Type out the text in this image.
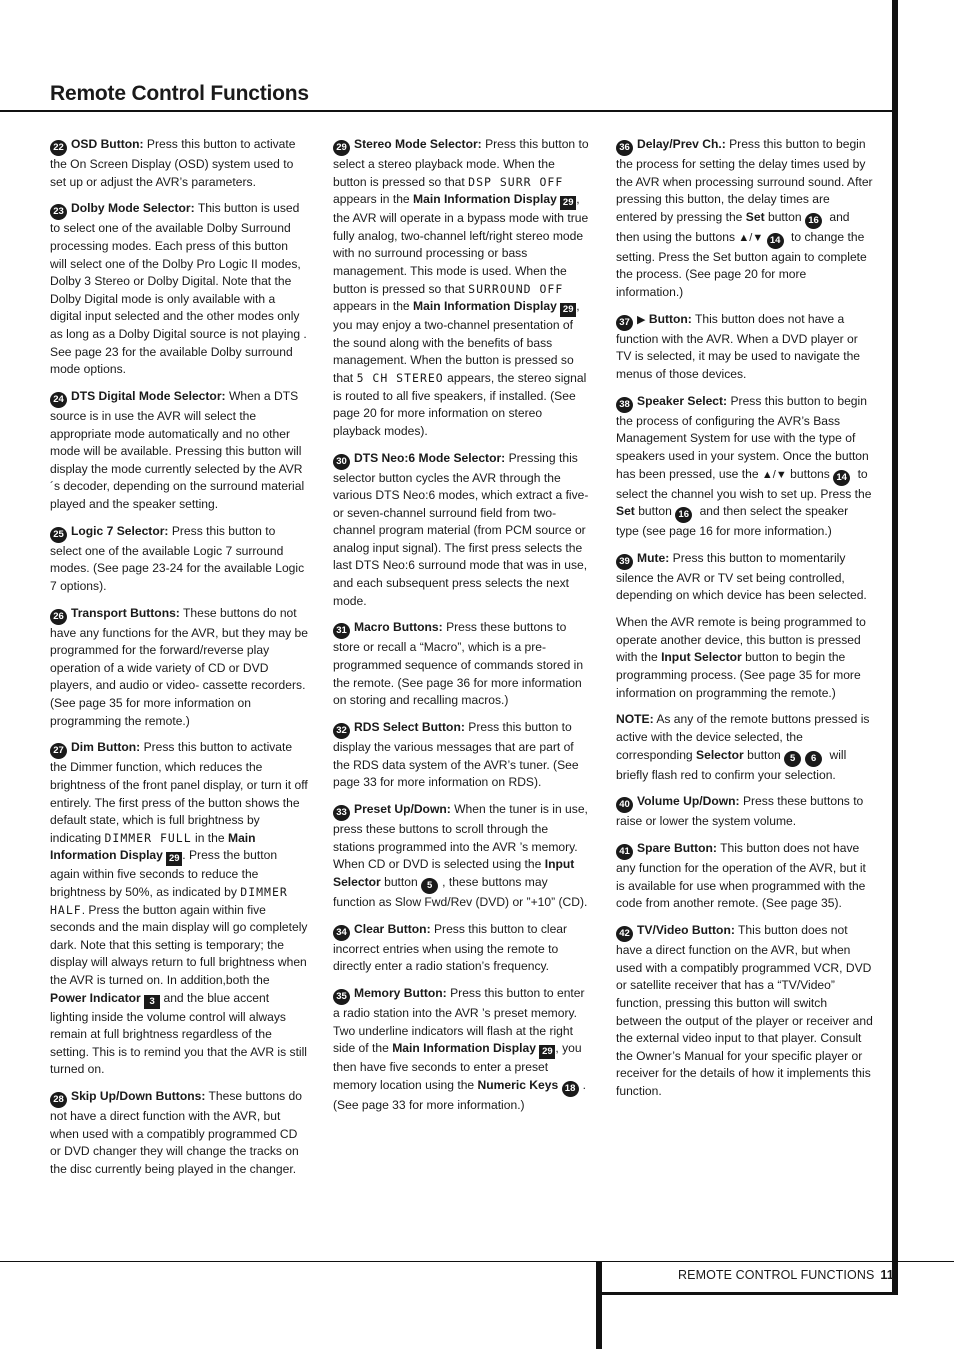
Remote Control Functions

22 OSD Button: Press this button to activate the On Screen Display (OSD) system used to set up or adjust the AVR’s parameters.

23 Dolby Mode Selector: This button is used to select one of the available Dolby Surround processing modes. Each press of this button will select one of the Dolby Pro Logic II modes, Dolby 3 Stereo or Dolby Digital. Note that the Dolby Digital mode is only available with a digital input selected and the other modes only as long as a Dolby Digital source is not playing . See page 23 for the available Dolby surround mode options.

24 DTS Digital Mode Selector: When a DTS source is in use the AVR will select the appropriate mode automatically and no other mode will be available. Pressing this button will display the mode currently selected by the AVR´s decoder, depending on the surround material played and the speaker setting.

25 Logic 7 Selector: Press this button to select one of the available Logic 7 surround modes. (See page 23-24 for the available Logic 7 options).

26 Transport Buttons: These buttons do not have any functions for the AVR, but they may be programmed for the forward/reverse play operation of a wide variety of CD or DVD players, and audio or video- cassette recorders. (See page 35 for more information on programming the remote.)

27 Dim Button: Press this button to activate the Dimmer function, which reduces the brightness of the front panel display, or turn it off entirely. The first press of the button shows the default state, which is full brightness by indicating DIMMER FULL in the Main Information Display 29 . Press the button again within five seconds to reduce the brightness by 50%, as indicated by DIMMER HALF. Press the button again within five seconds and the main display will go completely dark. Note that this setting is temporary; the display will always return to full brightness when the AVR is turned on. In addition,both the Power Indicator 3 and the blue accent lighting inside the volume control will always remain at full brightness regardless of the setting. This is to remind you that the AVR is still turned on.

28 Skip Up/Down Buttons: These buttons do not have a direct function with the AVR, but when used with a compatibly programmed CD or DVD changer they will change the tracks on the disc currently being played in the changer.

29 Stereo Mode Selector: Press this button to select a stereo playback mode. When the button is pressed so that DSP SURR OFF appears in the Main Information Display 29 , the AVR will operate in a bypass mode with true fully analog, two-channel left/right stereo mode with no surround processing or bass management. This mode is used. When the button is pressed so that SURROUND OFF appears in the Main Information Display 29 , you may enjoy a two-channel presentation of the sound along with the benefits of bass management. When the button is pressed so that 5 CH STEREO appears, the stereo signal is routed to all five speakers, if installed. (See page 20 for more information on stereo playback modes).

30 DTS Neo:6 Mode Selector: Pressing this selector button cycles the AVR through the various DTS Neo:6 modes, which extract a five- or seven-channel surround field from two-channel program material (from PCM source or analog input signal). The first press selects the last DTS Neo:6 surround mode that was in use, and each subsequent press selects the next mode.

31 Macro Buttons: Press these buttons to store or recall a “Macro”, which is a pre-programmed sequence of commands stored in the remote. (See page 36 for more information on storing and recalling macros.)

32 RDS Select Button: Press this button to display the various messages that are part of the RDS data system of the AVR’s tuner. (See page 33 for more information on RDS).

33 Preset Up/Down: When the tuner is in use, press these buttons to scroll through the stations programmed into the AVR ’s memory. When CD or DVD is selected using the Input Selector button 5 , these buttons may function as Slow Fwd/Rev (DVD) or ”+10” (CD).

34 Clear Button: Press this button to clear incorrect entries when using the remote to directly enter a radio station’s frequency.

35 Memory Button: Press this button to enter a radio station into the AVR ’s preset memory. Two underline indicators will flash at the right side of the Main Information Display 29 , you then have five seconds to enter a preset memory location using the Numeric Keys 18 . (See page 33 for more information.)

36 Delay/Prev Ch.: Press this button to begin the process for setting the delay times used by the AVR when processing surround sound. After pressing this button, the delay times are entered by pressing the Set button 16 and then using the buttons ▲/▼ 14 to change the setting. Press the Set button again to complete the process. (See page 20 for more information.)

37 ▶ Button: This button does not have a function with the AVR. When a DVD player or TV is selected, it may be used to navigate the menus of those devices.

38 Speaker Select: Press this button to begin the process of configuring the AVR’s Bass Management System for use with the type of speakers used in your system. Once the button has been pressed, use the ▲/▼ buttons 14 to select the channel you wish to set up. Press the Set button 16 and then select the speaker type (see page 16 for more information.)

39 Mute: Press this button to momentarily silence the AVR or TV set being controlled, depending on which device has been selected.

When the AVR remote is being programmed to operate another device, this button is pressed with the Input Selector button to begin the programming process. (See page 35 for more information on programming the remote.)

NOTE: As any of the remote buttons pressed is active with the device selected, the corresponding Selector button 5 6 will briefly flash red to confirm your selection.

40 Volume Up/Down: Press these buttons to raise or lower the system volume.

41 Spare Button: This button does not have any function for the operation of the AVR, but it is available for use when programmed with the code from another remote. (See page 35).

42 TV/Video Button: This button does not have a direct function on the AVR, but when used with a compatibly programmed VCR, DVD or satellite receiver that has a “TV/Video” function, pressing this button will switch between the output of the player or receiver and the external video input to that player. Consult the Owner’s Manual for your specific player or receiver for the details of how it implements this function.

REMOTE CONTROL FUNCTIONS 11
